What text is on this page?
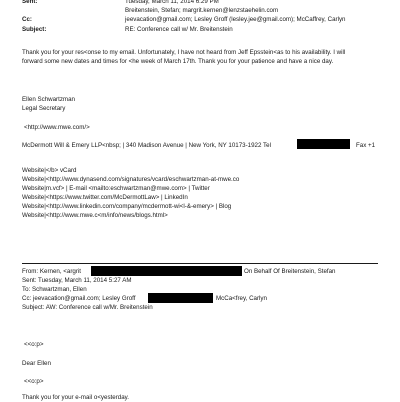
Sent:	Tuesday, March 11, 2014 6:29 PM
Breitenstein, Stefan; margrit.kernen@lenzstaehelin.com
Cc:	jeevacation@gmail.com; Lesley Groff (lesley.jee@gmail.com); McCaffrey, Carlyn
Subject:	RE: Conference call w/ Mr. Breitenstein
Thank you for your res<onse to my email. Unfortunately, I have not heard from Jeff Epsstein<as to his availability. I will
forward some new dates and times for <he week of March 17th. Thank you for your patience and have a nice day.
Ellen Schwartzman
Legal Secretary
<http://www.mwe.com/>
McDermott Will & Emery LLP<nbsp; | 340 Madison Avenue | New York, NY 10173-1922 Tel	Fax +1
Website|</b> vCard
Website|<http://www.dynasend.com/signatures/vcard/eschwartzman-at-mwe.co
Website|m.vcf> | E-mail <mailto:eschwartzman@mwe.com> | Twitter
Website|<https://www.twitter.com/McDermottLaw> | LinkedIn
Website|<http://www.linkedin.com/company/mcdermott-wi<l-&-emery> | Blog
Website|<http://www.mwe.c<m/info/news/blogs.html>
From: Kernen, <argrit	On Behalf Of Breitenstein, Stefan
Sent: Tuesday, March 11, 2014 5:27 AM
To: Schwartzman, Ellen
Cc: jeevacation@gmail.com; Lesley Groff	McCa<frey, Carlyn
Subject: AW: Conference call w/Mr. Breitenstein
<<o:p>
Dear Ellen
<<o:p>
Thank you for your e-mail o<yesterday.
